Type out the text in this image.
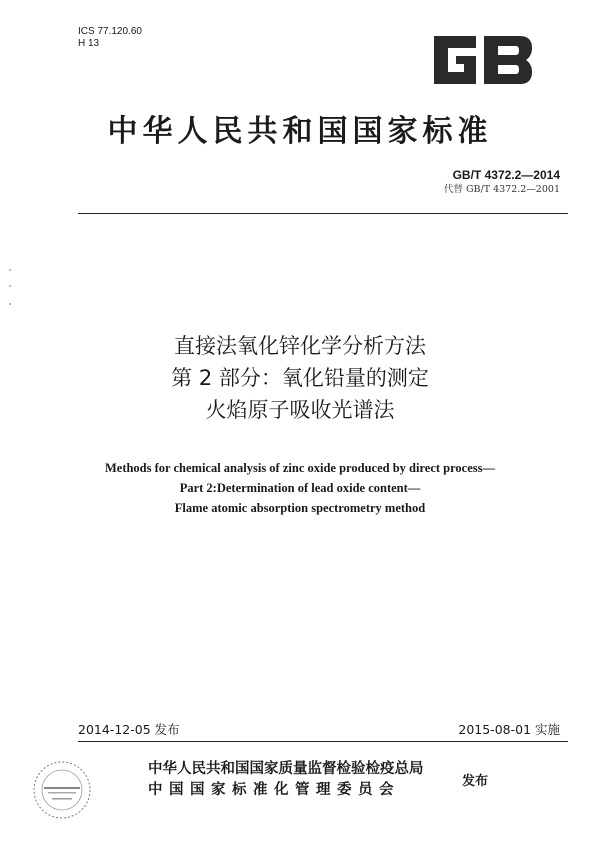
ICS 77.120.60
H 13
中华人民共和国国家标准
GB/T 4372.2—2014
代替 GB/T 4372.2—2001
直接法氧化锌化学分析方法
第 2 部分：氧化铅量的测定
火焰原子吸收光谱法
Methods for chemical analysis of zinc oxide produced by direct process—
Part 2:Determination of lead oxide content—
Flame atomic absorption spectrometry method
2014-12-05 发布	2015-08-01 实施
中华人民共和国国家质量监督检验检疫总局
中国国家标准化管理委员会	发布
